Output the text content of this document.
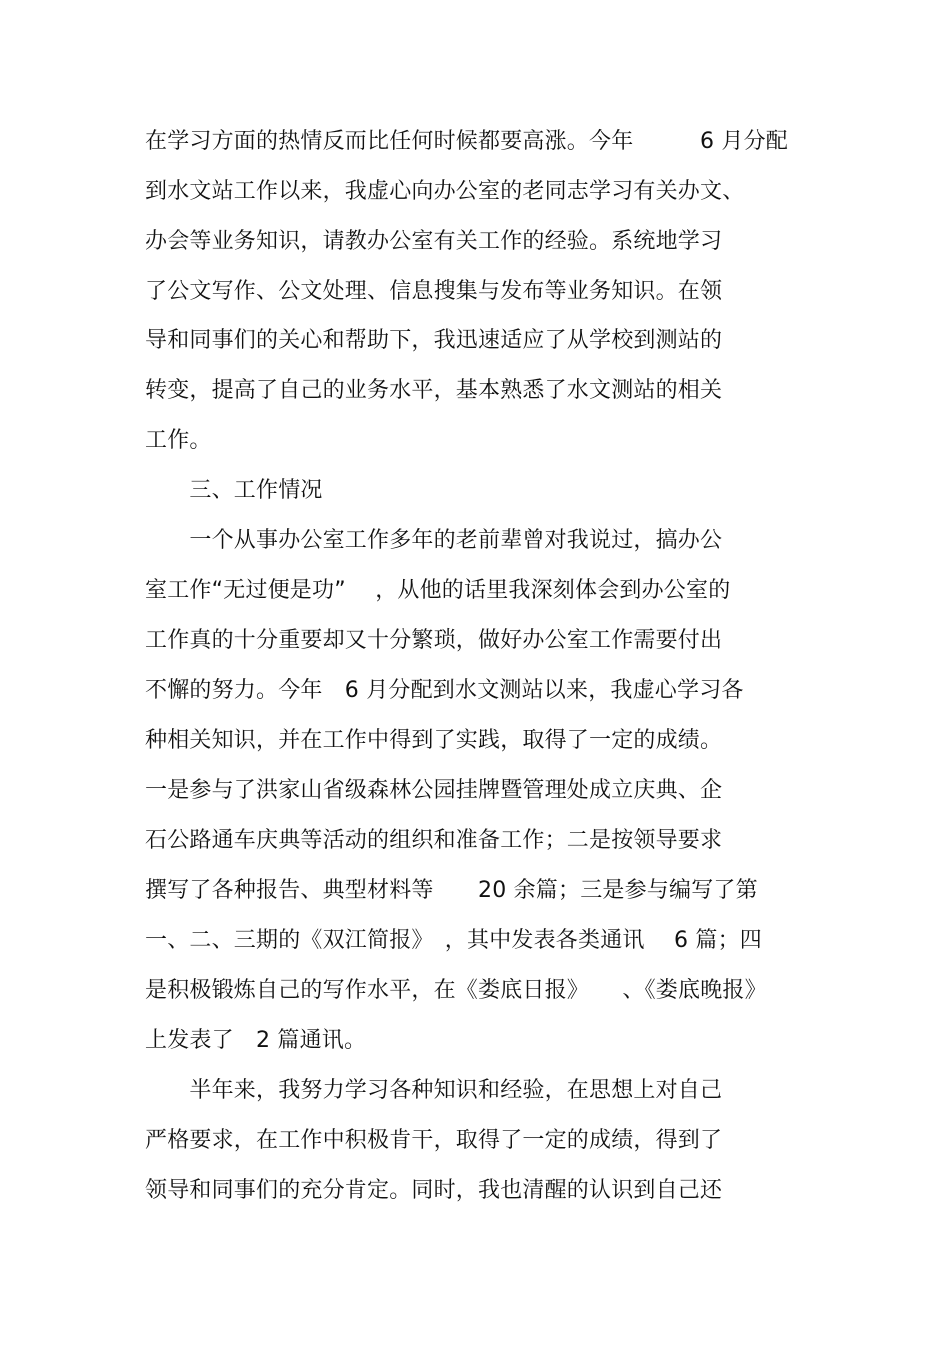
在学习方面的热情反而比任何时候都要高涨。今年　　　6 月分配
到水文站工作以来，我虚心向办公室的老同志学习有关办文、
办会等业务知识，请教办公室有关工作的经验。系统地学习
了公文写作、公文处理、信息搜集与发布等业务知识。在领
导和同事们的关心和帮助下，我迅速适应了从学校到测站的
转变，提高了自己的业务水平，基本熟悉了水文测站的相关
工作。
　　三、工作情况
　　一个从事办公室工作多年的老前辈曾对我说过，搞办公
室工作“无过便是功”　 ，从他的话里我深刻体会到办公室的
工作真的十分重要却又十分繁琐，做好办公室工作需要付出
不懈的努力。今年　6 月分配到水文测站以来，我虚心学习各
种相关知识，并在工作中得到了实践，取得了一定的成绩。
一是参与了洪家山省级森林公园挂牌暨管理处成立庆典、企
石公路通车庆典等活动的组织和准备工作；二是按领导要求
撰写了各种报告、典型材料等　　20 余篇；三是参与编写了第
一、二、三期的《双江简报》　，其中发表各类通讯　 6 篇；四
是积极锻炼自己的写作水平，在《娄底日报》　　、《娄底晚报》
上发表了　2 篇通讯。
　　半年来，我努力学习各种知识和经验，在思想上对自己
严格要求，在工作中积极肯干，取得了一定的成绩，得到了
领导和同事们的充分肯定。同时，我也清醒的认识到自己还
